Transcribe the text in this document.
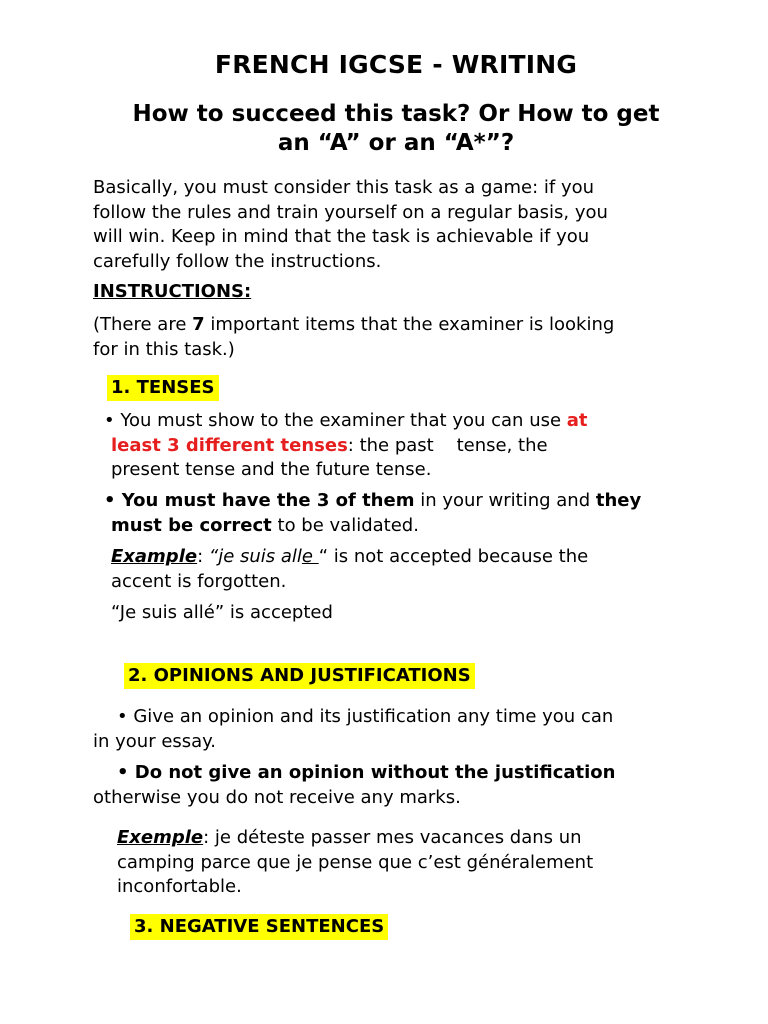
FRENCH IGCSE - WRITING
How to succeed this task? Or How to get
an “A” or an “A*”?
Basically, you must consider this task as a game: if you
follow the rules and train yourself on a regular basis, you
will win. Keep in mind that the task is achievable if you
carefully follow the instructions.
INSTRUCTIONS:
(There are 7 important items that the examiner is looking
for in this task.)
1. TENSES
• You must show to the examiner that you can use at
least 3 different tenses: the past    tense, the
present tense and the future tense.
• You must have the 3 of them in your writing and they
must be correct to be validated.
Example: “je suis alle “ is not accepted because the
accent is forgotten.
“Je suis allé” is accepted
2. OPINIONS AND JUSTIFICATIONS
• Give an opinion and its justification any time you can
in your essay.
• Do not give an opinion without the justification
otherwise you do not receive any marks.
Exemple: je déteste passer mes vacances dans un
camping parce que je pense que c’est généralement
inconfortable.
3. NEGATIVE SENTENCES
